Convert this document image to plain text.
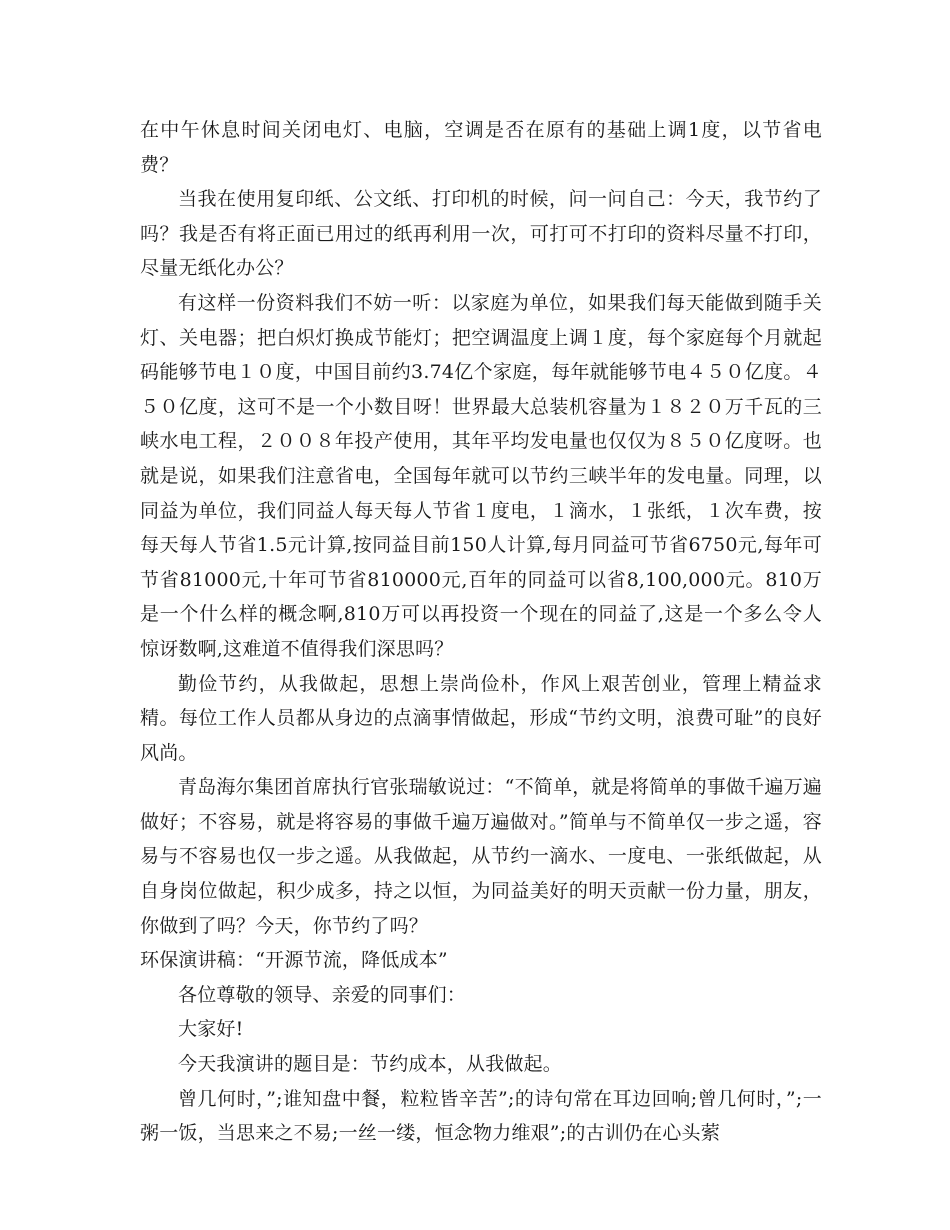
在中午休息时间关闭电灯、电脑，空调是否在原有的基础上调1度，以节省电费？

当我在使用复印纸、公文纸、打印机的时候，问一问自己：今天，我节约了吗？我是否有将正面已用过的纸再利用一次，可打可不打印的资料尽量不打印，尽量无纸化办公？

有这样一份资料我们不妨一听：以家庭为单位，如果我们每天能做到随手关灯、关电器；把白炽灯换成节能灯；把空调温度上调１度，每个家庭每个月就起码能够节电１０度，中国目前约3.74亿个家庭，每年就能够节电４５０亿度。４５０亿度，这可不是一个小数目呀！世界最大总装机容量为１８２０万千瓦的三峡水电工程，２００８年投产使用，其年平均发电量也仅仅为８５０亿度呀。也就是说，如果我们注意省电，全国每年就可以节约三峡半年的发电量。同理，以同益为单位，我们同益人每天每人节省１度电，１滴水，１张纸，１次车费，按每天每人节省1.5元计算,按同益目前150人计算,每月同益可节省6750元,每年可节省81000元,十年可节省810000元,百年的同益可以省8,100,000元。810万是一个什么样的概念啊,810万可以再投资一个现在的同益了,这是一个多么令人惊讶数啊,这难道不值得我们深思吗？

勤俭节约，从我做起，思想上崇尚俭朴，作风上艰苦创业，管理上精益求精。每位工作人员都从身边的点滴事情做起，形成“节约文明，浪费可耻”的良好风尚。

青岛海尔集团首席执行官张瑞敏说过：“不简单，就是将简单的事做千遍万遍做好；不容易，就是将容易的事做千遍万遍做对。”简单与不简单仅一步之遥，容易与不容易也仅一步之遥。从我做起，从节约一滴水、一度电、一张纸做起，从自身岗位做起，积少成多，持之以恒，为同益美好的明天贡献一份力量，朋友，你做到了吗？今天，你节约了吗？

环保演讲稿：“开源节流，降低成本”

各位尊敬的领导、亲爱的同事们：

大家好!

今天我演讲的题目是：节约成本，从我做起。

曾几何时，”;谁知盘中餐，粒粒皆辛苦”;的诗句常在耳边回响;曾几何时，”;一粥一饭，当思来之不易;一丝一缕，恒念物力维艰”;的古训仍在心头萦
